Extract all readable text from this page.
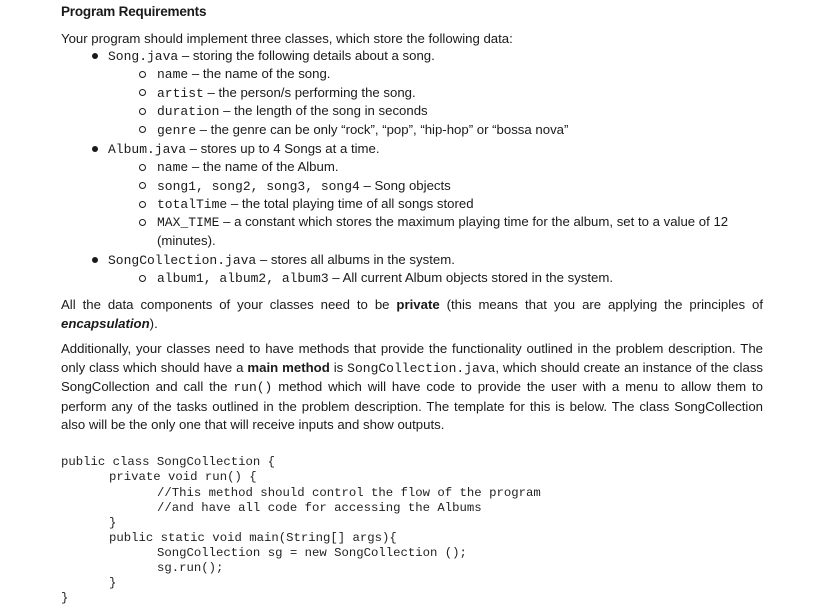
Program Requirements
Your program should implement three classes, which store the following data:
Song.java – storing the following details about a song.
name – the name of the song.
artist – the person/s performing the song.
duration – the length of the song in seconds
genre – the genre can be only “rock”, “pop”, “hip-hop” or “bossa nova”
Album.java – stores up to 4 Songs at a time.
name – the name of the Album.
song1, song2, song3, song4 – Song objects
totalTime – the total playing time of all songs stored
MAX_TIME – a constant which stores the maximum playing time for the album, set to a value of 12
(minutes).
SongCollection.java – stores all albums in the system.
album1, album2, album3 – All current Album objects stored in the system.
All the data components of your classes need to be private (this means that you are applying the principles of encapsulation).
Additionally, your classes need to have methods that provide the functionality outlined in the problem description. The only class which should have a main method is SongCollection.java, which should create an instance of the class SongCollection and call the run() method which will have code to provide the user with a menu to allow them to perform any of the tasks outlined in the problem description. The template for this is below. The class SongCollection also will be the only one that will receive inputs and show outputs.
public class SongCollection {
private void run() {
//This method should control the flow of the program
//and have all code for accessing the Albums
}
public static void main(String[] args){
SongCollection sg = new SongCollection ();
sg.run();
}
}
